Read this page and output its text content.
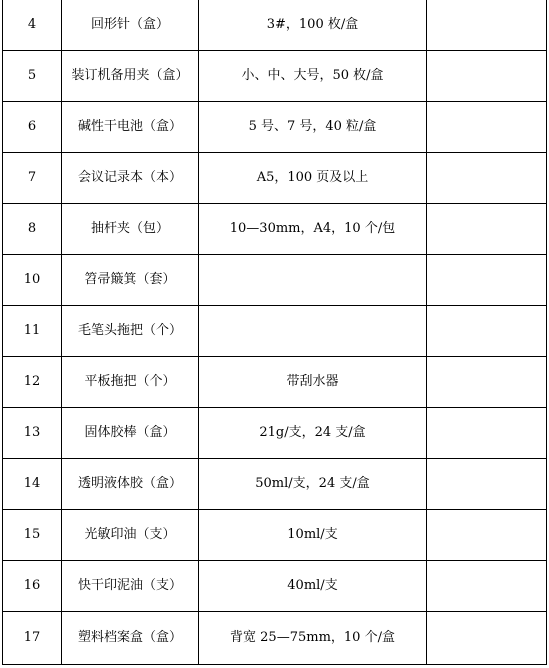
4	回形针（盒）	3#，100 枚/盒	
5	装订机备用夹（盒）	小、中、大号，50 枚/盒	
6	碱性干电池（盒）	5 号、7 号，40 粒/盒	
7	会议记录本（本）	A5，100 页及以上	
8	抽杆夹（包）	10—30mm，A4，10 个/包	
10	笤帚簸箕（套）		
11	毛笔头拖把（个）		
12	平板拖把（个）	带刮水器	
13	固体胶棒（盒）	21g/支，24 支/盒	
14	透明液体胶（盒）	50ml/支，24 支/盒	
15	光敏印油（支）	10ml/支	
16	快干印泥油（支）	40ml/支	
17	塑料档案盒（盒）	背宽 25—75mm，10 个/盒	
